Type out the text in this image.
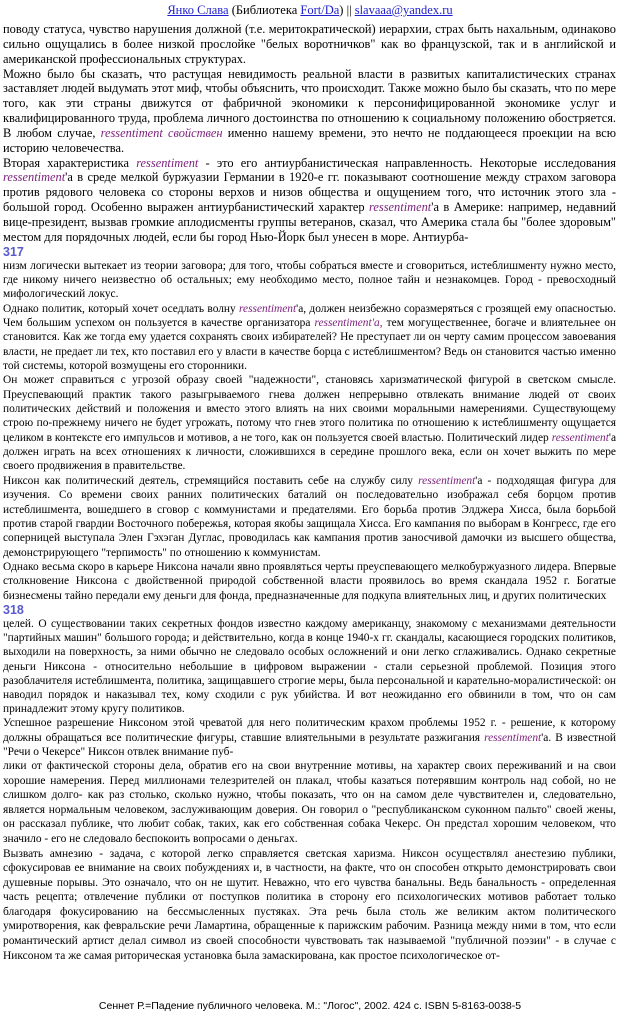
Янко Слава (Библиотека Fort/Da) || slavaaa@yandex.ru

поводу статуса, чувство нарушения должной (т.е. меритократической) иерархии, страх быть нахальным, одинаково сильно ощущались в более низкой прослойке "белых воротничков" как во французской, так и в английской и американской профессиональных структурах.

Можно было бы сказать, что растущая невидимость реальной власти в развитых капиталистических странах заставляет людей выдумать этот миф, чтобы объяснить, что происходит. Также можно было бы сказать, что по мере того, как эти страны движутся от фабричной экономики к персонифицированной экономике услуг и квалифицированного труда, проблема личного достоинства по отношению к социальному положению обостряется. В любом случае, ressentiment свойствен именно нашему времени, это нечто не поддающееся проекции на всю историю человечества.

Вторая характеристика ressentiment - это его антиурбанистическая направленность. Некоторые исследования ressentiment'а в среде мелкой буржуазии Германии в 1920-е гг. показывают соотношение между страхом заговора против рядового человека со стороны верхов и низов общества и ощущением того, что источник этого зла - большой город. Особенно выражен антиурбанистический характер ressentiment'а в Америке: например, недавний вице-президент, вызвав громкие аплодисменты группы ветеранов, сказал, что Америка стала бы "более здоровым" местом для порядочных людей, если бы город Нью-Йорк был унесен в море. Антиурба-

317

низм логически вытекает из теории заговора; для того, чтобы собраться вместе и сговориться, истеблишменту нужно место, где никому ничего неизвестно об остальных; ему необходимо место, полное тайн и незнакомцев. Город - превосходный мифологический локус.

Однако политик, который хочет оседлать волну ressentiment'а, должен неизбежно соразмеряться с грозящей ему опасностью. Чем большим успехом он пользуется в качестве организатора ressentiment'a, тем могущественнее, богаче и влиятельнее он становится. Как же тогда ему удается сохранять своих избирателей? Не преступает ли он черту самим процессом завоевания власти, не предает ли тех, кто поставил его у власти в качестве борца с истеблишментом? Ведь он становится частью именно той системы, которой возмущены его сторонники.

Он может справиться с угрозой образу своей "надежности", становясь харизматической фигурой в светском смысле. Преуспевающий практик такого разыгрываемого гнева должен непрерывно отвлекать внимание людей от своих политических действий и положения и вместо этого влиять на них своими моральными намерениями. Существующему строю по-прежнему ничего не будет угрожать, потому что гнев этого политика по отношению к истеблишменту ощущается целиком в контексте его импульсов и мотивов, а не того, как он пользуется своей властью. Политический лидер ressentiment'а должен играть на всех отношениях к личности, сложившихся в середине прошлого века, если он хочет выжить по мере своего продвижения в правительстве.

Никсон как политический деятель, стремящийся поставить себе на службу силу ressentiment'а - подходящая фигура для изучения. Со времени своих ранних политических баталий он последовательно изображал себя борцом против истеблишмента, вошедшего в сговор с коммунистами и предателями. Его борьба против Элджера Хисса, была борьбой против старой гвардии Восточного побережья, которая якобы защищала Хисса. Его кампания по выборам в Конгресс, где его соперницей выступала Элен Гэхэган Дуглас, проводилась как кампания против заносчивой дамочки из высшего общества, демонстрирующего "терпимость" по отношению к коммунистам.

Однако весьма скоро в карьере Никсона начали явно проявляться черты преуспевающего мелкобуржуазного лидера. Впервые столкновение Никсона с двойственной природой собственной власти проявилось во время скандала 1952 г. Богатые бизнесмены тайно передали ему деньги для фонда, предназначенные для подкупа влиятельных лиц, и других политических

318

целей. О существовании таких секретных фондов известно каждому американцу, знакомому с механизмами деятельности "партийных машин" большого города; и действительно, когда в конце 1940-х гг. скандалы, касающиеся городских политиков, выходили на поверхность, за ними обычно не следовало особых осложнений и они легко сглаживались. Однако секретные деньги Никсона - относительно небольшие в цифровом выражении - стали серьезной проблемой. Позиция этого разоблачителя истеблишмента, политика, защищавшего строгие меры, была персональной и карательно-моралистической: он наводил порядок и наказывал тех, кому сходили с рук убийства. И вот неожиданно его обвинили в том, что он сам принадлежит этому кругу политиков.

Успешное разрешение Никсоном этой чреватой для него политическим крахом проблемы 1952 г. - решение, к которому должны обращаться все политические фигуры, ставшие влиятельными в результате разжигания ressentiment'а. В известной "Речи о Чекерсе" Никсон отвлек внимание пуб-

лики от фактической стороны дела, обратив его на свои внутренние мотивы, на характер своих переживаний и на свои хорошие намерения. Перед миллионами телезрителей он плакал, чтобы казаться потерявшим контроль над собой, но не слишком долго- как раз столько, сколько нужно, чтобы показать, что он на самом деле чувствителен и, следовательно, является нормальным человеком, заслуживающим доверия. Он говорил о "республиканском суконном пальто" своей жены, он рассказал публике, что любит собак, таких, как его собственная собака Чекерс. Он предстал хорошим человеком, что значило - его не следовало беспокоить вопросами о деньгах.

Вызвать амнезию - задача, с которой легко справляется светская харизма. Никсон осуществлял анестезию публики, сфокусировав ее внимание на своих побуждениях и, в частности, на факте, что он способен открыто демонстрировать свои душевные порывы. Это означало, что он не шутит. Неважно, что его чувства банальны. Ведь банальность - определенная часть рецепта; отвлечение публики от поступков политика в сторону его психологических мотивов работает только благодаря фокусированию на бессмысленных пустяках. Эта речь была столь же великим актом политического умиротворения, как февральские речи Ламартина, обращенные к парижским рабочим. Разница между ними в том, что если романтический артист делал символ из своей способности чувствовать так называемой "публичной поэзии" - в случае с Никсоном та же самая риторическая установка была замаскирована, как простое психологическое от-

Сеннет Р.=Падение публичного человека. М.: "Логос", 2002. 424 с. ISBN 5-8163-0038-5
